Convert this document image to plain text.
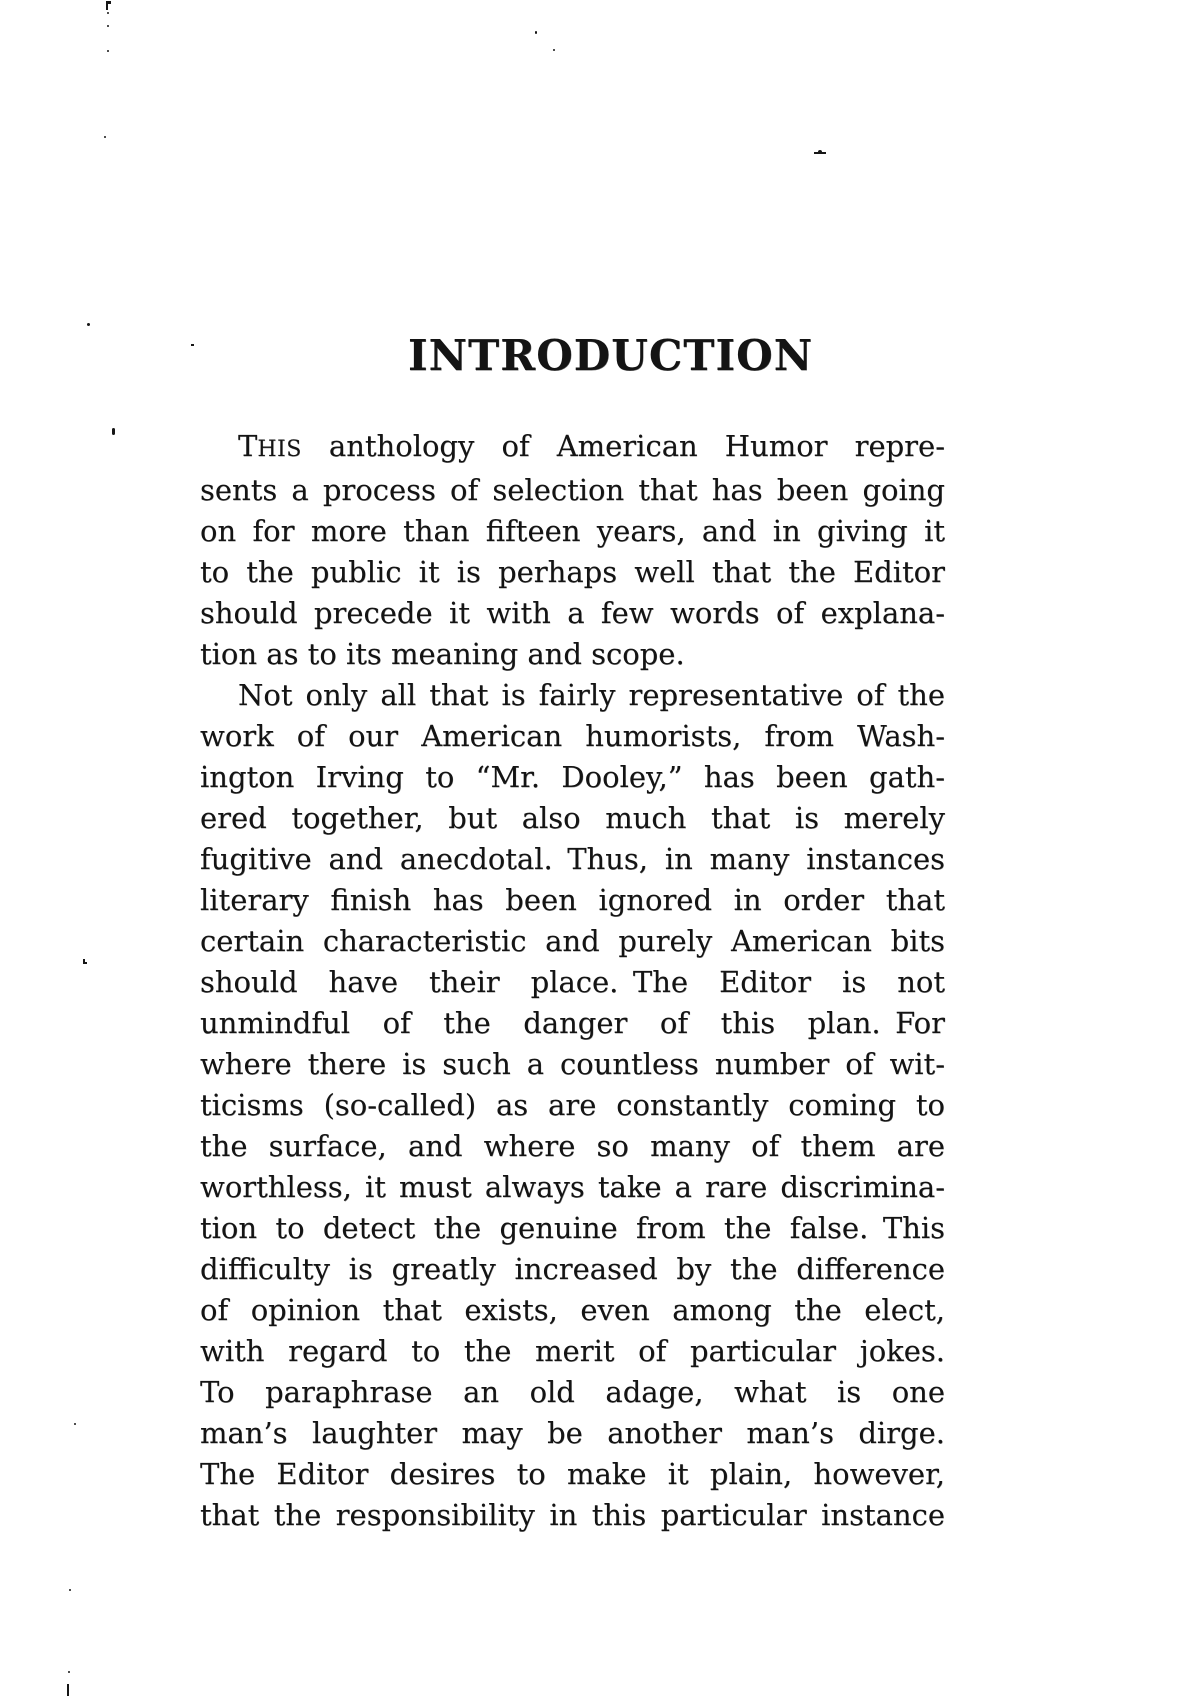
INTRODUCTION
THIS anthology of American Humor repre-
sents a process of selection that has been going
on for more than fifteen years, and in giving it
to the public it is perhaps well that the Editor
should precede it with a few words of explana-
tion as to its meaning and scope.
Not only all that is fairly representative of the
work of our American humorists, from Wash-
ington Irving to “Mr. Dooley,” has been gath-
ered together, but also much that is merely
fugitive and anecdotal. Thus, in many instances
literary finish has been ignored in order that
certain characteristic and purely American bits
should have their place. The Editor is not
unmindful of the danger of this plan. For
where there is such a countless number of wit-
ticisms (so-called) as are constantly coming to
the surface, and where so many of them are
worthless, it must always take a rare discrimina-
tion to detect the genuine from the false. This
difficulty is greatly increased by the difference
of opinion that exists, even among the elect,
with regard to the merit of particular jokes.
To paraphrase an old adage, what is one
man’s laughter may be another man’s dirge.
The Editor desires to make it plain, however,
that the responsibility in this particular instance
